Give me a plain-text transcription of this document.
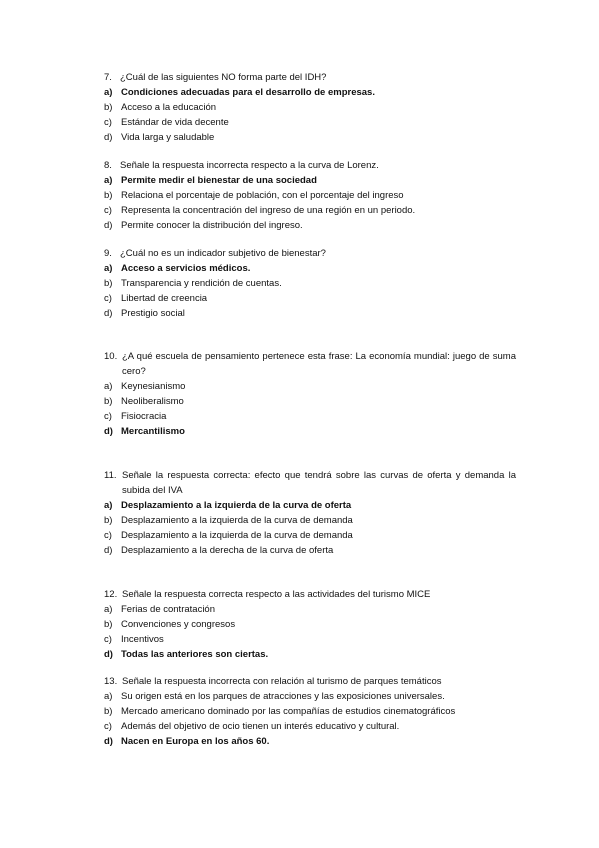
7. ¿Cuál de las siguientes NO forma parte del IDH?
a) Condiciones adecuadas para el desarrollo de empresas.
b) Acceso a la educación
c) Estándar de vida decente
d) Vida larga y saludable
8. Señale la respuesta incorrecta respecto a la curva de Lorenz.
a) Permite medir el bienestar de una sociedad
b) Relaciona el porcentaje de población, con el porcentaje del ingreso
c) Representa la concentración del ingreso de una región en un periodo.
d) Permite conocer la distribución del ingreso.
9. ¿Cuál no es un indicador subjetivo de bienestar?
a) Acceso a servicios médicos.
b) Transparencia y rendición de cuentas.
c) Libertad de creencia
d) Prestigio social
10. ¿A qué escuela de pensamiento pertenece esta frase: La economía mundial: juego de suma cero?
a) Keynesianismo
b) Neoliberalismo
c) Fisiocracia
d) Mercantilismo
11. Señale la respuesta correcta: efecto que tendrá sobre las curvas de oferta y demanda la subida del IVA
a) Desplazamiento a la izquierda de la curva de oferta
b) Desplazamiento a la izquierda de la curva de demanda
c) Desplazamiento a la izquierda de la curva de demanda
d) Desplazamiento a la derecha de la curva de oferta
12. Señale la respuesta correcta respecto a las actividades del turismo MICE
a) Ferias de contratación
b) Convenciones y congresos
c) Incentivos
d) Todas las anteriores son ciertas.
13. Señale la respuesta incorrecta con relación al turismo de parques temáticos
a) Su origen está en los parques de atracciones y las exposiciones universales.
b) Mercado americano dominado por las compañías de estudios cinematográficos
c) Además del objetivo de ocio tienen un interés educativo y cultural.
d) Nacen en Europa en los años 60.
